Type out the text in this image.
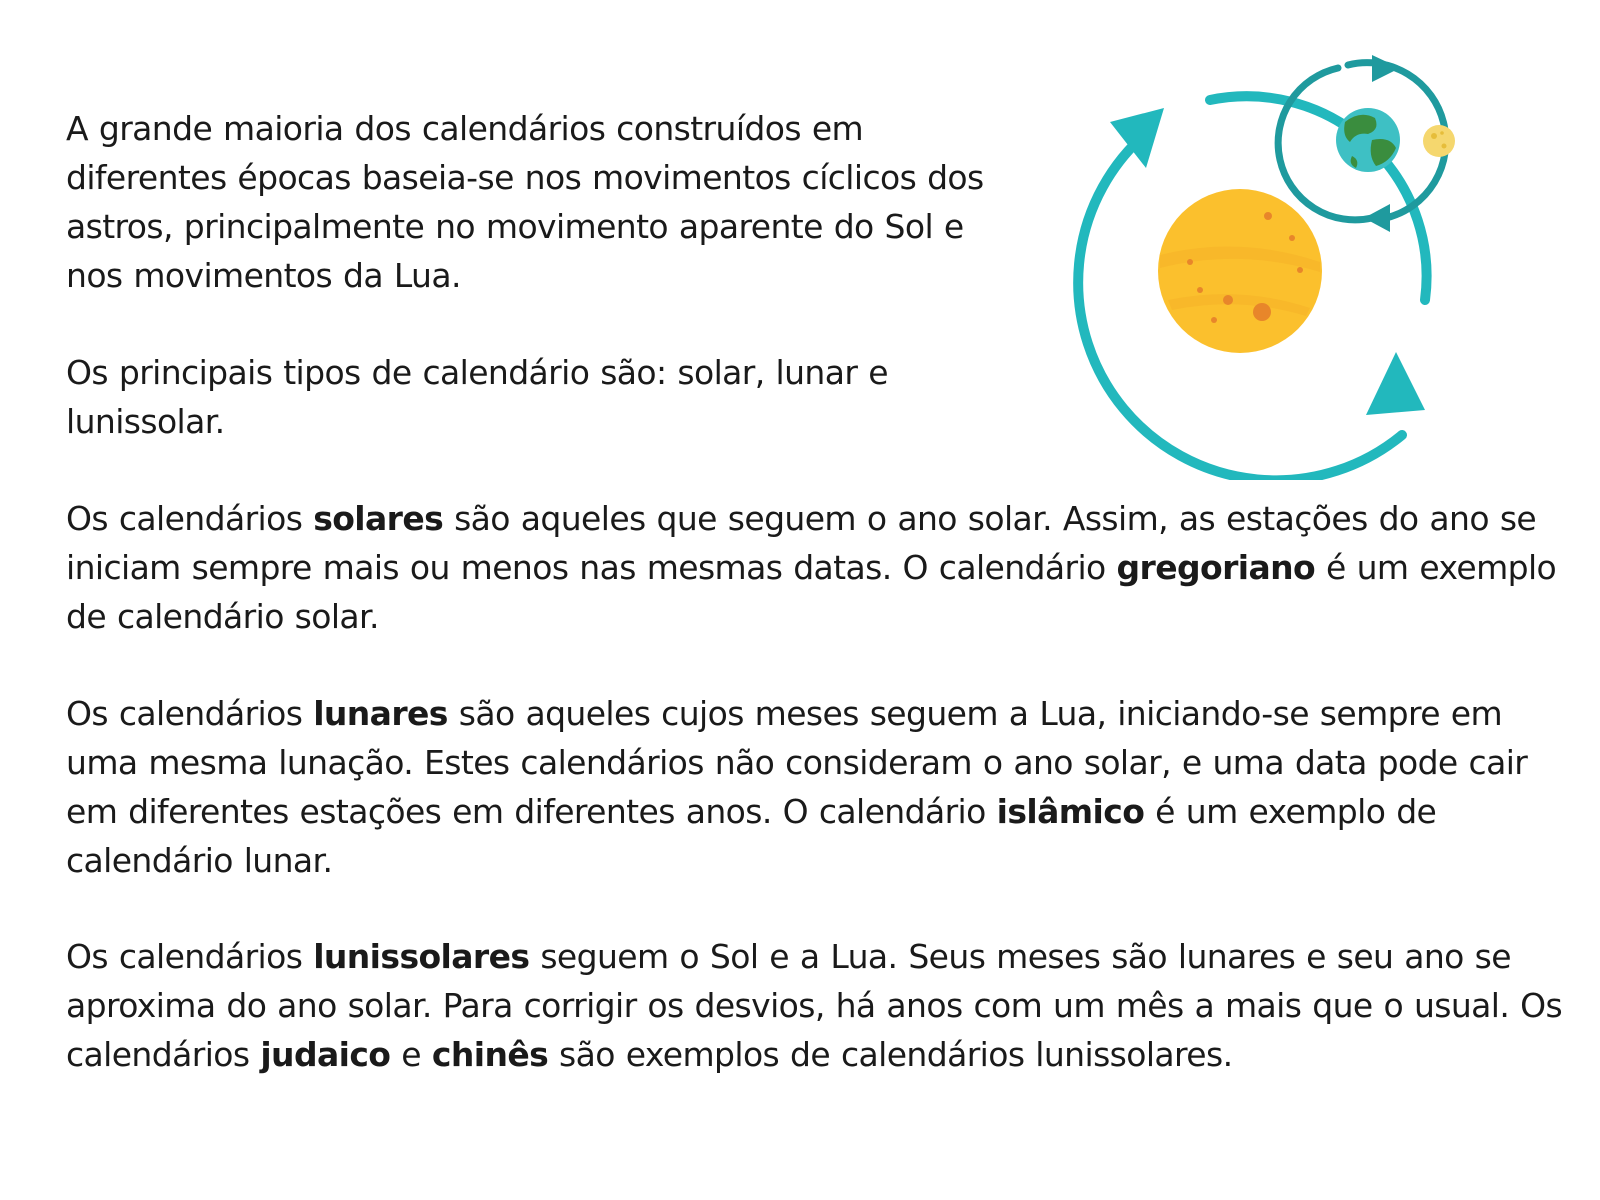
A grande maioria dos calendários construídos em diferentes épocas baseia-se nos movimentos cíclicos dos astros, principalmente no movimento aparente do Sol e nos movimentos da Lua.

Os principais tipos de calendário são: solar, lunar e lunissolar.

Os calendários solares são aqueles que seguem o ano solar. Assim, as estações do ano se iniciam sempre mais ou menos nas mesmas datas. O calendário gregoriano é um exemplo de calendário solar.

Os calendários lunares são aqueles cujos meses seguem a Lua, iniciando-se sempre em uma mesma lunação. Estes calendários não consideram o ano solar, e uma data pode cair em diferentes estações em diferentes anos. O calendário islâmico é um exemplo de calendário lunar.

Os calendários lunissolares seguem o Sol e a Lua. Seus meses são lunares e seu ano se aproxima do ano solar. Para corrigir os desvios, há anos com um mês a mais que o usual. Os calendários judaico e chinês são exemplos de calendários lunissolares.
